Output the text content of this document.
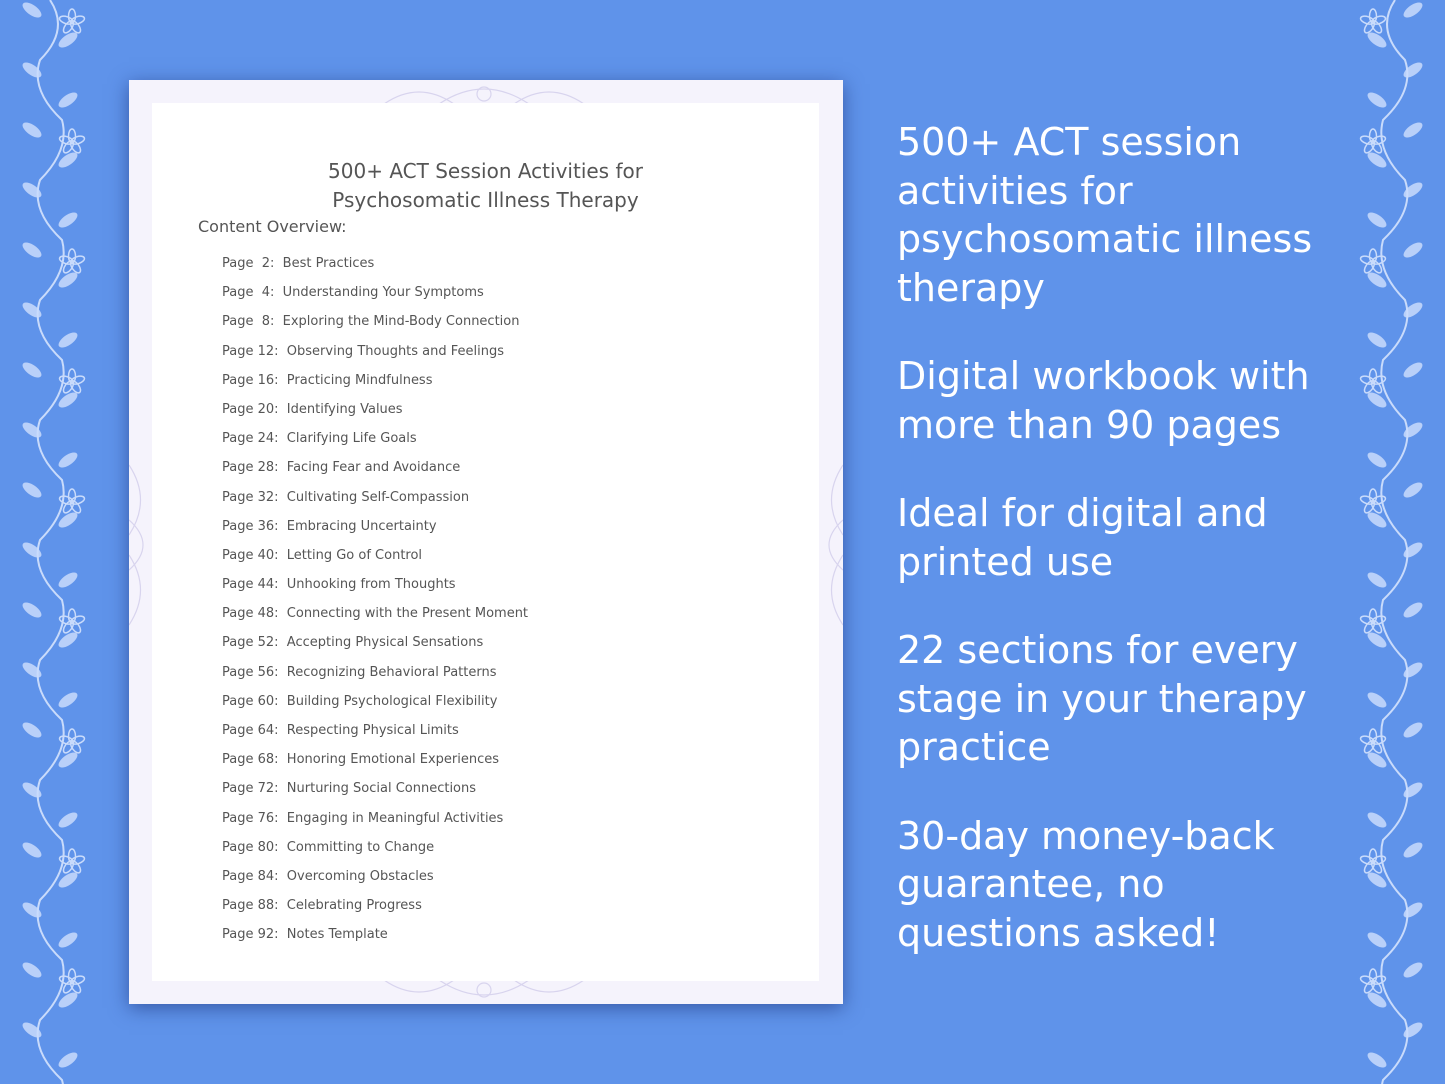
500+ ACT Session Activities for
Psychosomatic Illness Therapy
Content Overview:
Page  2:  Best Practices
Page  4:  Understanding Your Symptoms
Page  8:  Exploring the Mind-Body Connection
Page 12:  Observing Thoughts and Feelings
Page 16:  Practicing Mindfulness
Page 20:  Identifying Values
Page 24:  Clarifying Life Goals
Page 28:  Facing Fear and Avoidance
Page 32:  Cultivating Self-Compassion
Page 36:  Embracing Uncertainty
Page 40:  Letting Go of Control
Page 44:  Unhooking from Thoughts
Page 48:  Connecting with the Present Moment
Page 52:  Accepting Physical Sensations
Page 56:  Recognizing Behavioral Patterns
Page 60:  Building Psychological Flexibility
Page 64:  Respecting Physical Limits
Page 68:  Honoring Emotional Experiences
Page 72:  Nurturing Social Connections
Page 76:  Engaging in Meaningful Activities
Page 80:  Committing to Change
Page 84:  Overcoming Obstacles
Page 88:  Celebrating Progress
Page 92:  Notes Template
500+ ACT session activities for psychosomatic illness therapy
Digital workbook with more than 90 pages
Ideal for digital and printed use
22 sections for every stage in your therapy practice
30-day money-back guarantee, no questions asked!
